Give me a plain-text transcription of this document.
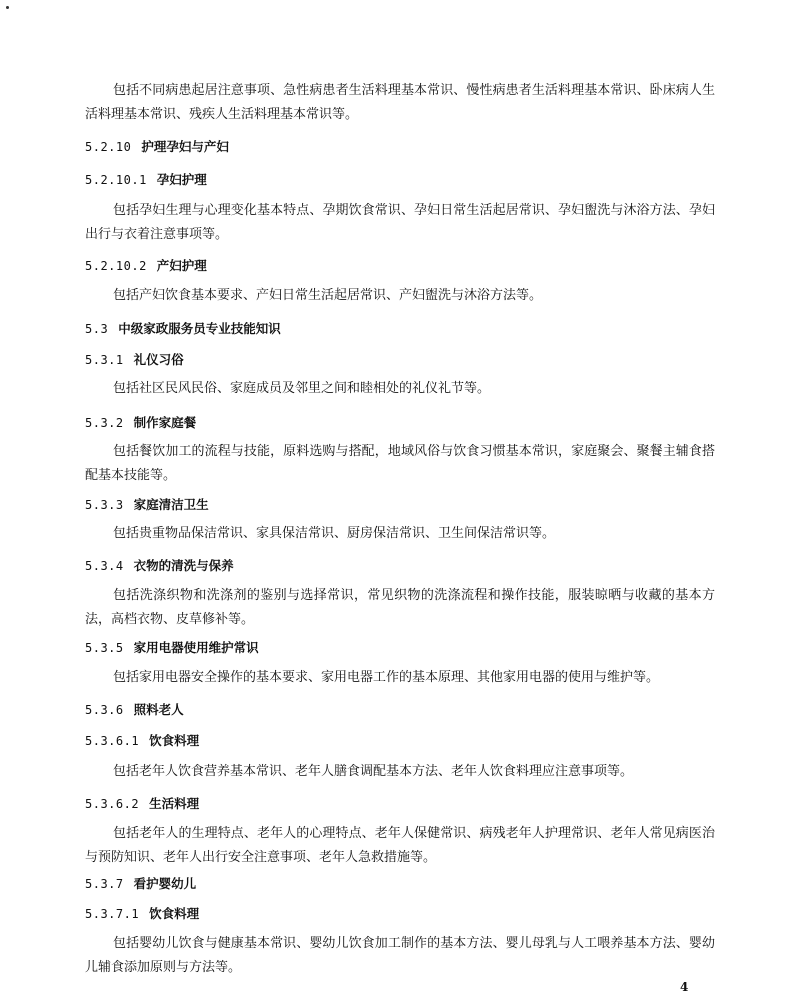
包括不同病患起居注意事项、急性病患者生活料理基本常识、慢性病患者生活料理基本常识、卧床病人生活料理基本常识、残疾人生活料理基本常识等。
5.2.10 护理孕妇与产妇
5.2.10.1 孕妇护理
包括孕妇生理与心理变化基本特点、孕期饮食常识、孕妇日常生活起居常识、孕妇盥洗与沐浴方法、孕妇出行与衣着注意事项等。
5.2.10.2 产妇护理
包括产妇饮食基本要求、产妇日常生活起居常识、产妇盥洗与沐浴方法等。
5.3 中级家政服务员专业技能知识
5.3.1 礼仪习俗
包括社区民风民俗、家庭成员及邻里之间和睦相处的礼仪礼节等。
5.3.2 制作家庭餐
包括餐饮加工的流程与技能，原料选购与搭配，地域风俗与饮食习惯基本常识，家庭聚会、聚餐主辅食搭配基本技能等。
5.3.3 家庭清洁卫生
包括贵重物品保洁常识、家具保洁常识、厨房保洁常识、卫生间保洁常识等。
5.3.4 衣物的清洗与保养
包括洗涤织物和洗涤剂的鉴别与选择常识，常见织物的洗涤流程和操作技能，服装晾晒与收藏的基本方法，高档衣物、皮草修补等。
5.3.5 家用电器使用维护常识
包括家用电器安全操作的基本要求、家用电器工作的基本原理、其他家用电器的使用与维护等。
5.3.6 照料老人
5.3.6.1 饮食料理
包括老年人饮食营养基本常识、老年人膳食调配基本方法、老年人饮食料理应注意事项等。
5.3.6.2 生活料理
包括老年人的生理特点、老年人的心理特点、老年人保健常识、病残老年人护理常识、老年人常见病医治与预防知识、老年人出行安全注意事项、老年人急救措施等。
5.3.7 看护婴幼儿
5.3.7.1 饮食料理
包括婴幼儿饮食与健康基本常识、婴幼儿饮食加工制作的基本方法、婴儿母乳与人工喂养基本方法、婴幼儿辅食添加原则与方法等。
4
